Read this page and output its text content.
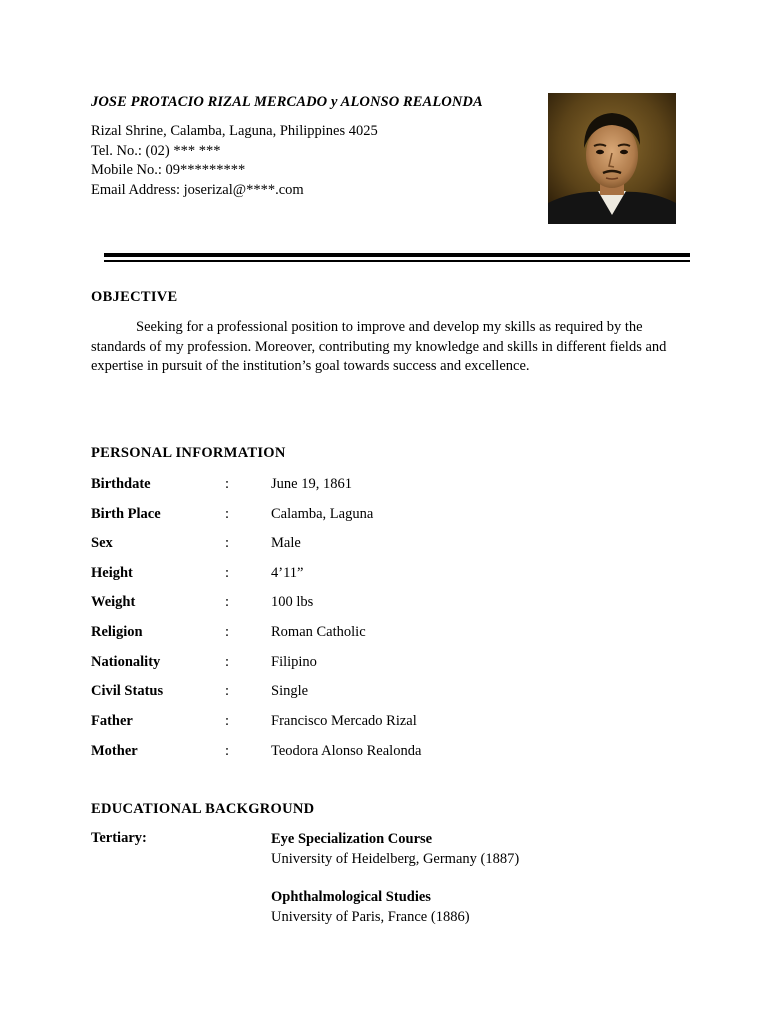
JOSE PROTACIO RIZAL MERCADO y ALONSO REALONDA
Rizal Shrine, Calamba, Laguna, Philippines 4025
Tel. No.: (02) *** ***
Mobile No.: 09*********
Email Address: joserizal@****.com
OBJECTIVE
Seeking for a professional position to improve and develop my skills as required by the standards of my profession. Moreover, contributing my knowledge and skills in different fields and expertise in pursuit of the institution’s goal towards success and excellence.
PERSONAL INFORMATION
Birthdate	:	June 19, 1861
Birth Place	:	Calamba, Laguna
Sex	:	Male
Height	:	4’11”
Weight	:	100 lbs
Religion	:	Roman Catholic
Nationality	:	Filipino
Civil Status	:	Single
Father	:	Francisco Mercado Rizal
Mother	:	Teodora Alonso Realonda
EDUCATIONAL BACKGROUND
Tertiary:	Eye Specialization Course
University of Heidelberg, Germany (1887)
Ophthalmological Studies
University of Paris, France (1886)
